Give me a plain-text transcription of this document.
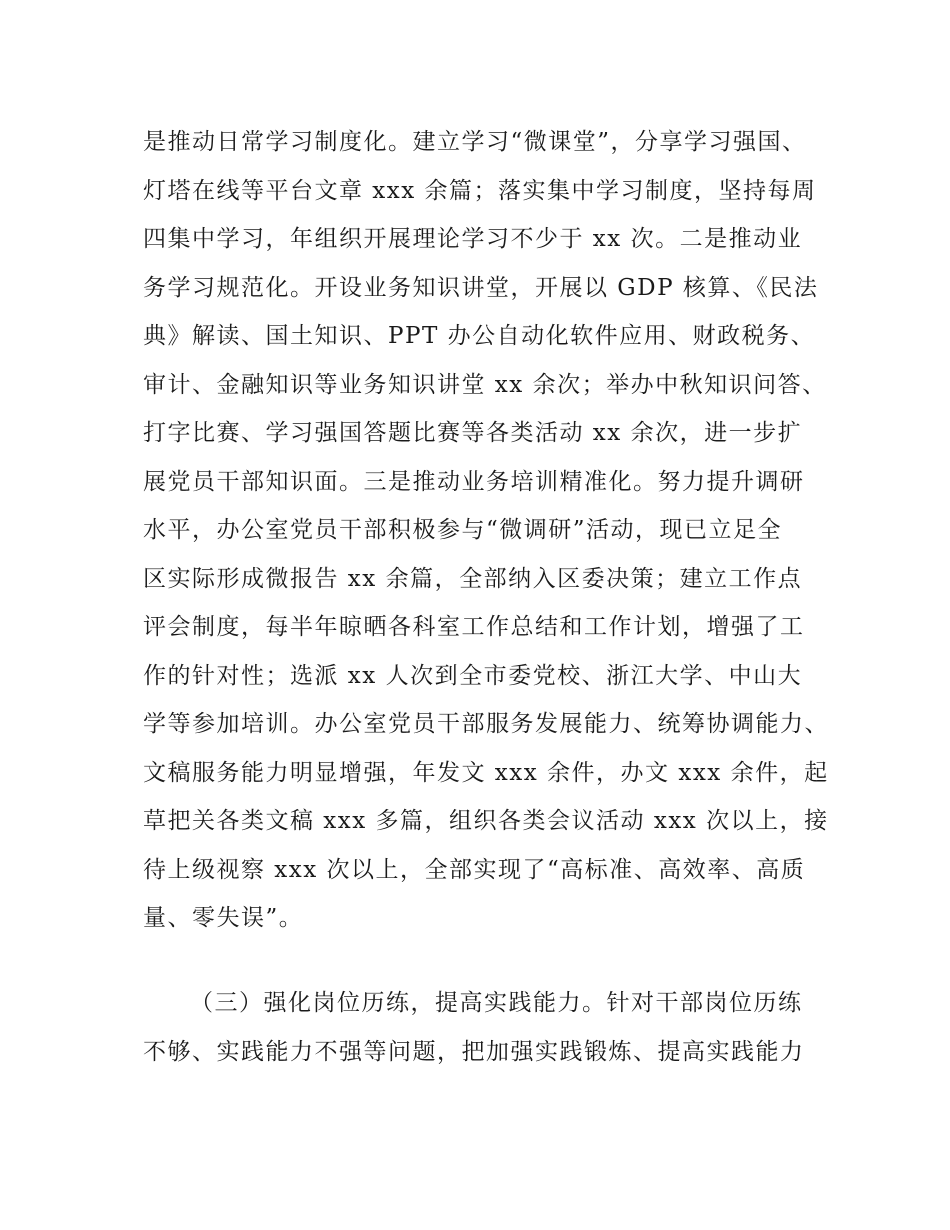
是推动日常学习制度化。建立学习“微课堂”，分享学习强国、
灯塔在线等平台文章 xxx 余篇；落实集中学习制度，坚持每周
四集中学习，年组织开展理论学习不少于 xx 次。二是推动业
务学习规范化。开设业务知识讲堂，开展以 GDP 核算、《民法
典》解读、国土知识、PPT 办公自动化软件应用、财政税务、
审计、金融知识等业务知识讲堂 xx 余次；举办中秋知识问答、
打字比赛、学习强国答题比赛等各类活动 xx 余次，进一步扩
展党员干部知识面。三是推动业务培训精准化。努力提升调研
水平，办公室党员干部积极参与“微调研”活动，现已立足全
区实际形成微报告 xx 余篇，全部纳入区委决策；建立工作点
评会制度，每半年晾晒各科室工作总结和工作计划，增强了工
作的针对性；选派 xx 人次到全市委党校、浙江大学、中山大
学等参加培训。办公室党员干部服务发展能力、统筹协调能力、
文稿服务能力明显增强，年发文 xxx 余件，办文 xxx 余件，起
草把关各类文稿 xxx 多篇，组织各类会议活动 xxx 次以上，接
待上级视察 xxx 次以上，全部实现了“高标准、高效率、高质
量、零失误”。
（三）强化岗位历练，提高实践能力。针对干部岗位历练
不够、实践能力不强等问题，把加强实践锻炼、提高实践能力
